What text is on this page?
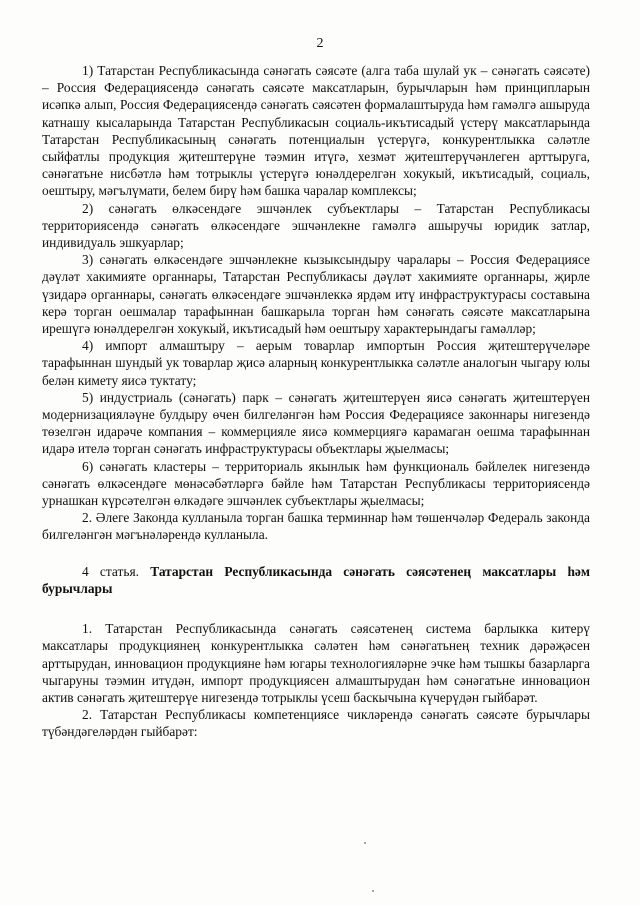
2

1) Татарстан Республикасында сәнәгать сәясәте (алга таба шулай ук – сәнәгать сәясәте) – Россия Федерациясендә сәнәгать сәясәте максатларын, бурычларын һәм принципларын исәпкә алып, Россия Федерациясендә сәнәгать сәясәтен формалаштыруда һәм гамәлгә ашыруда катнашу кысаларында Татарстан Республикасын социаль-икътисадый үстерү максатларында Татарстан Республикасының сәнәгать потенциалын үстерүгә, конкурентлыкка сәләтле сыйфатлы продукция җитештерүне тәэмин итүгә, хезмәт җитештерүчәнлеген арттыруга, сәнәгатьне нисбәтлә һәм тотрыклы үстерүгә юнәлдерелгән хокукый, икътисадый, социаль, оештыру, мәгълүмати, белем бирү һәм башка чаралар комплексы;

2) сәнәгать өлкәсендәге эшчәнлек субъектлары – Татарстан Республикасы территориясендә сәнәгать өлкәсендәге эшчәнлекне гамәлгә ашыручы юридик затлар, индивидуаль эшкуарлар;

3) сәнәгать өлкәсендәге эшчәнлекне кызыксындыру чаралары – Россия Федерациясе дәүләт хакимияте органнары, Татарстан Республикасы дәүләт хакимияте органнары, җирле үзидарә органнары, сәнәгать өлкәсендәге эшчәнлеккә ярдәм итү инфраструктурасы составына керә торган оешмалар тарафыннан башкарыла торган һәм сәнәгать сәясәте максатларына ирешүгә юнәлдерелгән хокукый, икътисадый һәм оештыру характерындагы гамәлләр;

4) импорт алмаштыру – аерым товарлар импортын Россия җитештерүчеләре тарафыннан шундый ук товарлар җисә аларның конкурентлыкка сәләтле аналогын чыгару юлы белән кимету яисә туктату;

5) индустриаль (сәнәгать) парк – сәнәгать җитештерүен яисә сәнәгать җитештерүен модернизацияләүне булдыру өчен билгеләнгән һәм Россия Федерациясе законнары нигезендә төзелгән идарәче компания – коммерцияле яисә коммерциягә карамаган оешма тарафыннан идарә ителә торган сәнәгать инфраструктурасы объектлары җыелмасы;

6) сәнәгать кластеры – территориаль якынлык һәм функциональ бәйлелек нигезендә сәнәгать өлкәсендәге мөнәсәбәтләргә бәйле һәм Татарстан Республикасы территориясендә урнашкан күрсәтелгән өлкәдәге эшчәнлек субъектлары җыелмасы;

2. Әлеге Законда кулланыла торган башка терминнар һәм төшенчәләр Федераль законда билгеләнгән мәгънәләрендә кулланыла.

4 статья. Татарстан Республикасында сәнәгать сәясәтенең максатлары һәм бурычлары

1. Татарстан Республикасында сәнәгать сәясәтенең система барлыкка китерү максатлары продукциянең конкурентлыкка сәләтен һәм сәнәгатьнең техник дәрәҗәсен арттырудан, инновацион продукцияне һәм югары технологияләрне эчке һәм тышкы базарларга чыгаруны тәэмин итүдән, импорт продукциясен алмаштырудан һәм сәнәгатьне инновацион актив сәнәгать җитештерүе нигезендә тотрыклы үсеш баскычына күчерүдән гыйбарәт.

2. Татарстан Республикасы компетенциясе чикләрендә сәнәгать сәясәте бурычлары түбәндәгеләрдән гыйбарәт:
